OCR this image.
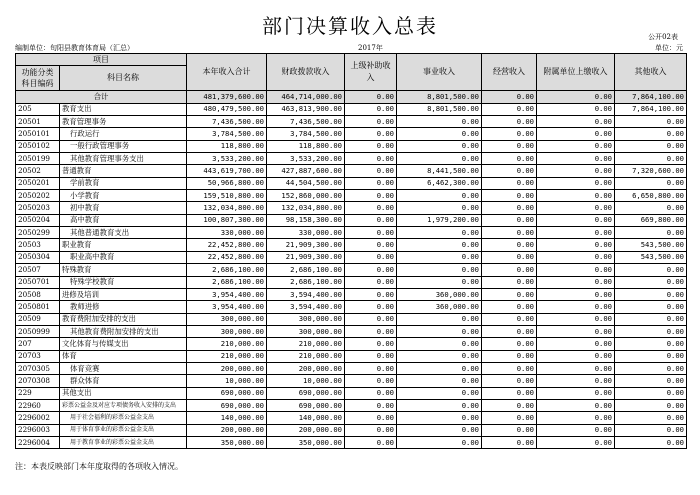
部门决算收入总表	公开02表
编制单位：旬阳县教育体育局（汇总）	2017年	单位：元
项目		本年收入合计	财政拨款收入	上级补助收入	事业收入	经营收入	附属单位上缴收入	其他收入
功能分类科目编码	科目名称							
合计		481,379,600.00	464,714,000.00	0.00	8,801,500.00	0.00	0.00	7,864,100.00
205	教育支出	480,479,500.00	463,813,900.00	0.00	8,801,500.00	0.00	0.00	7,864,100.00
20501	教育管理事务	7,436,500.00	7,436,500.00	0.00	0.00	0.00	0.00	0.00
2050101	行政运行	3,784,500.00	3,784,500.00	0.00	0.00	0.00	0.00	0.00
2050102	一般行政管理事务	118,800.00	118,800.00	0.00	0.00	0.00	0.00	0.00
2050199	其他教育管理事务支出	3,533,200.00	3,533,200.00	0.00	0.00	0.00	0.00	0.00
20502	普通教育	443,619,700.00	427,887,600.00	0.00	8,441,500.00	0.00	0.00	7,320,600.00
2050201	学前教育	50,966,800.00	44,504,500.00	0.00	6,462,300.00	0.00	0.00	0.00
2050202	小学教育	159,510,800.00	152,860,000.00	0.00	0.00	0.00	0.00	6,650,800.00
2050203	初中教育	132,034,800.00	132,034,800.00	0.00	0.00	0.00	0.00	0.00
2050204	高中教育	100,807,300.00	98,158,300.00	0.00	1,979,200.00	0.00	0.00	669,800.00
2050299	其他普通教育支出	330,000.00	330,000.00	0.00	0.00	0.00	0.00	0.00
20503	职业教育	22,452,800.00	21,909,300.00	0.00	0.00	0.00	0.00	543,500.00
2050304	职业高中教育	22,452,800.00	21,909,300.00	0.00	0.00	0.00	0.00	543,500.00
20507	特殊教育	2,686,100.00	2,686,100.00	0.00	0.00	0.00	0.00	0.00
2050701	特殊学校教育	2,686,100.00	2,686,100.00	0.00	0.00	0.00	0.00	0.00
20508	进修及培训	3,954,400.00	3,594,400.00	0.00	360,000.00	0.00	0.00	0.00
2050801	教师进修	3,954,400.00	3,594,400.00	0.00	360,000.00	0.00	0.00	0.00
20509	教育费附加安排的支出	300,000.00	300,000.00	0.00	0.00	0.00	0.00	0.00
2050999	其他教育费附加安排的支出	300,000.00	300,000.00	0.00	0.00	0.00	0.00	0.00
207	文化体育与传媒支出	210,000.00	210,000.00	0.00	0.00	0.00	0.00	0.00
20703	体育	210,000.00	210,000.00	0.00	0.00	0.00	0.00	0.00
2070305	体育竞赛	200,000.00	200,000.00	0.00	0.00	0.00	0.00	0.00
2070308	群众体育	10,000.00	10,000.00	0.00	0.00	0.00	0.00	0.00
229	其他支出	690,000.00	690,000.00	0.00	0.00	0.00	0.00	0.00
22960	彩票公益金及对应专项债务收入安排的支出	690,000.00	690,000.00	0.00	0.00	0.00	0.00	0.00
2296002	用于社会福利的彩票公益金支出	140,000.00	140,000.00	0.00	0.00	0.00	0.00	0.00
2296003	用于体育事业的彩票公益金支出	200,000.00	200,000.00	0.00	0.00	0.00	0.00	0.00
2296004	用于教育事业的彩票公益金支出	350,000.00	350,000.00	0.00	0.00	0.00	0.00	0.00
注：本表反映部门本年度取得的各项收入情况。
